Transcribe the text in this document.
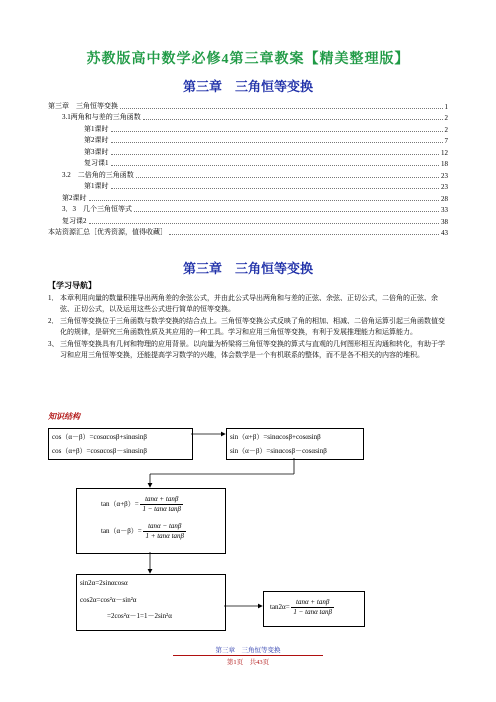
苏教版高中数学必修4第三章教案【精美整理版】
第三章　三角恒等变换
第三章　三角恒等变换	1
3.1两角和与差的三角函数	2
第1课时	2
第2课时	7
第3课时	12
复习课1	18
3.2　二倍角的三角函数	23
第1课时	23
第2课时	28
3．3　几个三角恒等式	33
复习课2	38
本站资源汇总［优秀资源，值得收藏］	43
第三章　三角恒等变换
【学习导航】
1． 本章利用向量的数量积推导出两角差的余弦公式，并由此公式导出两角和与差的正弦、余弦、正切公式，二倍角的正弦、余弦、正切公式，以及运用这些公式进行简单的恒等变换。
2． 三角恒等变换位于三角函数与数学变换的结合点上。三角恒等变换公式反映了角的相加、相减、二倍角运算引起三角函数值变化的规律，是研究三角函数性质及其应用的一种工具。学习和应用三角恒等变换，有利于发展推理能力和运算能力。
3、 三角恒等变换具有几何和物理的应用背景。以向量为桥梁将三角恒等变换的算式与直观的几何图形相互沟通和转化，有助于学习和应用三角恒等变换，还能提高学习数学的兴趣，体会数学是一个有机联系的整体，而不是各不相关的内容的堆积。
知识结构
cos（α－β）=cosαcosβ+sinαsinβ
cos（α+β）=cosαcosβ－sinαsinβ
sin（α+β）=sinαcosβ+cosαsinβ
sin（α－β）=sinαcosβ－cosαsinβ
$\tan(\alpha+\beta)= \frac{\tan\alpha + \tan\beta}{\text{1 − tanα tanβ}}$
$\tan(\alpha-\beta)= \frac{\tan\alpha - \tan\beta}{\text{1 + tanα tanβ}}$
sin2α=2sinαcosα
cos2α=cos²α－sin²α
=2cos²α－1=1－2sin²α
$\tan 2\alpha= \frac{\tan\alpha + \tan\beta}{\text{1 − tanα tanβ}}$
第三章　三角恒等变换
第1页　共43页
